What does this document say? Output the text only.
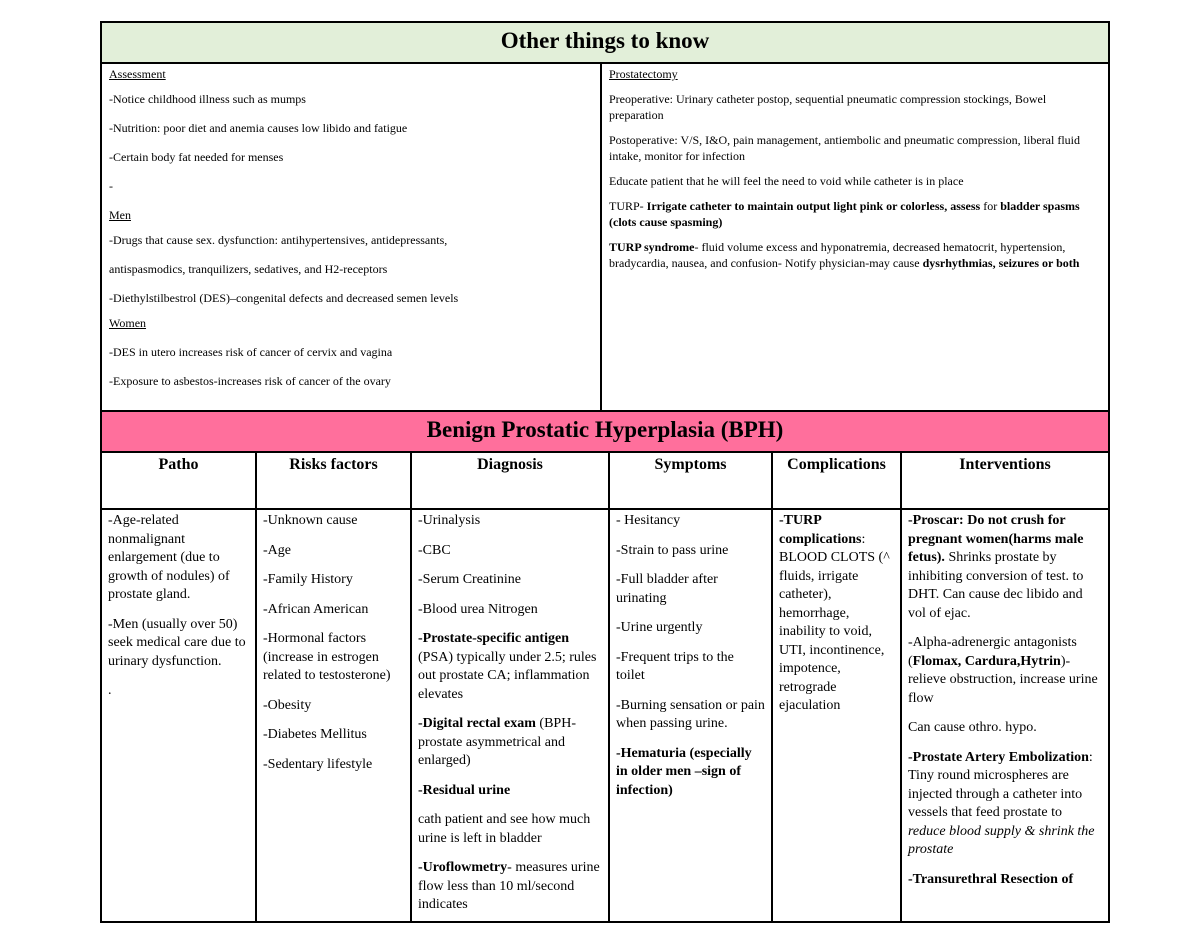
Other things to know

Assessment

-Notice childhood illness such as mumps

-Nutrition: poor diet and anemia causes low libido and fatigue

-Certain body fat needed for menses

-

Men

-Drugs that cause sex. dysfunction: antihypertensives, antidepressants,

antispasmodics, tranquilizers, sedatives, and H2-receptors

-Diethylstilbestrol (DES)–congenital defects and decreased semen levels

Women

-DES in utero increases risk of cancer of cervix and vagina

-Exposure to asbestos-increases risk of cancer of the ovary

Prostatectomy

Preoperative: Urinary catheter postop, sequential pneumatic compression stockings, Bowel preparation

Postoperative: V/S, I&O, pain management, antiembolic and pneumatic compression, liberal fluid intake, monitor for infection

Educate patient that he will feel the need to void while catheter is in place

TURP- Irrigate catheter to maintain output light pink or colorless, assess for bladder spasms (clots cause spasming)

TURP syndrome- fluid volume excess and hyponatremia, decreased hematocrit, hypertension, bradycardia, nausea, and confusion- Notify physician-may cause dysrhythmias, seizures or both

Benign Prostatic Hyperplasia (BPH)
Patho

-Age-related nonmalignant enlargement (due to growth of nodules) of prostate gland.

-Men (usually over 50) seek medical care due to urinary dysfunction.

.

Risks factors

-Unknown cause

-Age

-Family History

-African American

-Hormonal factors (increase in estrogen related to testosterone)

-Obesity

-Diabetes Mellitus

-Sedentary lifestyle

Diagnosis

-Urinalysis

-CBC

-Serum Creatinine

-Blood urea Nitrogen

-Prostate-specific antigen (PSA) typically under 2.5; rules out prostate CA; inflammation elevates

-Digital rectal exam (BPH- prostate asymmetrical and enlarged)

-Residual urine

cath patient and see how much urine is left in bladder

-Uroflowmetry- measures urine flow less than 10 ml/second indicates

Symptoms

- Hesitancy

-Strain to pass urine

-Full bladder after urinating

-Urine urgently

-Frequent trips to the toilet

-Burning sensation or pain when passing urine.

-Hematuria (especially in older men –sign of infection)

Complications

-TURP complications: BLOOD CLOTS (^ fluids, irrigate catheter), hemorrhage, inability to void, UTI, incontinence, impotence, retrograde ejaculation

Interventions

-Proscar: Do not crush for pregnant women(harms male fetus). Shrinks prostate by inhibiting conversion of test. to DHT. Can cause dec libido and vol of ejac.

-Alpha-adrenergic antagonists (Flomax, Cardura,Hytrin)- relieve obstruction, increase urine flow

Can cause othro. hypo.

-Prostate Artery Embolization: Tiny round microspheres are injected through a catheter into vessels that feed prostate to reduce blood supply & shrink the prostate

-Transurethral Resection of
